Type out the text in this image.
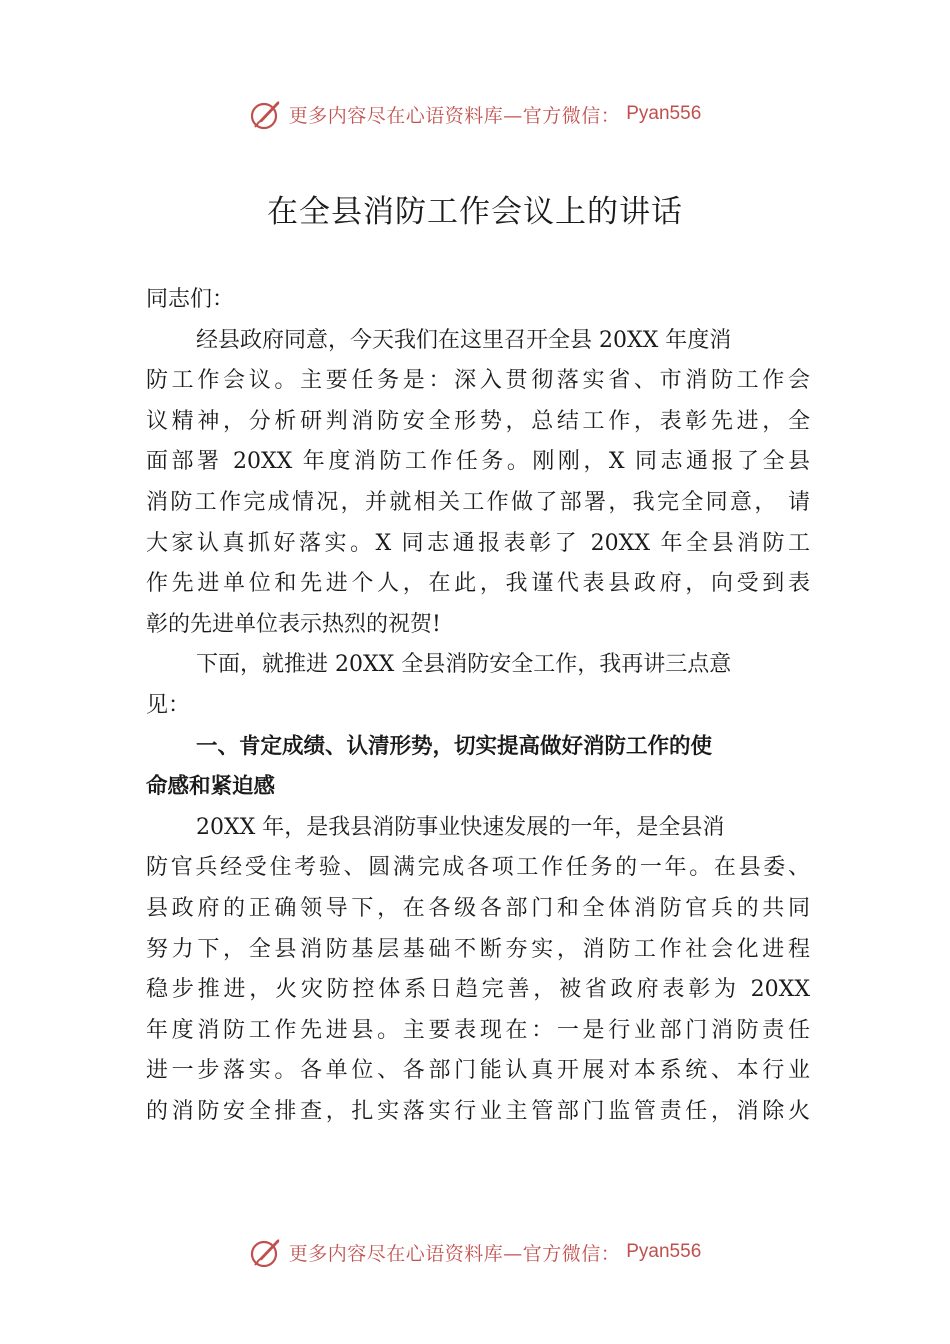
更多内容尽在心语资料库—官方微信： Pyan556
在全县消防工作会议上的讲话
同志们：
经县政府同意，今天我们在这里召开全县 20XX 年度消
防工作会议。主要任务是：深入贯彻落实省、市消防工作会
议精神，分析研判消防安全形势，总结工作，表彰先进，全
面部署 20XX 年度消防工作任务。刚刚，X 同志通报了全县
消防工作完成情况，并就相关工作做了部署，我完全同意， 请
大家认真抓好落实。X 同志通报表彰了 20XX 年全县消防工
作先进单位和先进个人，在此，我谨代表县政府，向受到表
彰的先进单位表示热烈的祝贺!
下面，就推进 20XX 全县消防安全工作，我再讲三点意
见：
一、肯定成绩、认清形势，切实提高做好消防工作的使
命感和紧迫感
20XX 年，是我县消防事业快速发展的一年，是全县消
防官兵经受住考验、圆满完成各项工作任务的一年。在县委、
县政府的正确领导下，在各级各部门和全体消防官兵的共同
努力下，全县消防基层基础不断夯实，消防工作社会化进程
稳步推进，火灾防控体系日趋完善，被省政府表彰为 20XX
年度消防工作先进县。主要表现在：一是行业部门消防责任
进一步落实。各单位、各部门能认真开展对本系统、本行业
的消防安全排查，扎实落实行业主管部门监管责任，消除火
更多内容尽在心语资料库—官方微信： Pyan556
